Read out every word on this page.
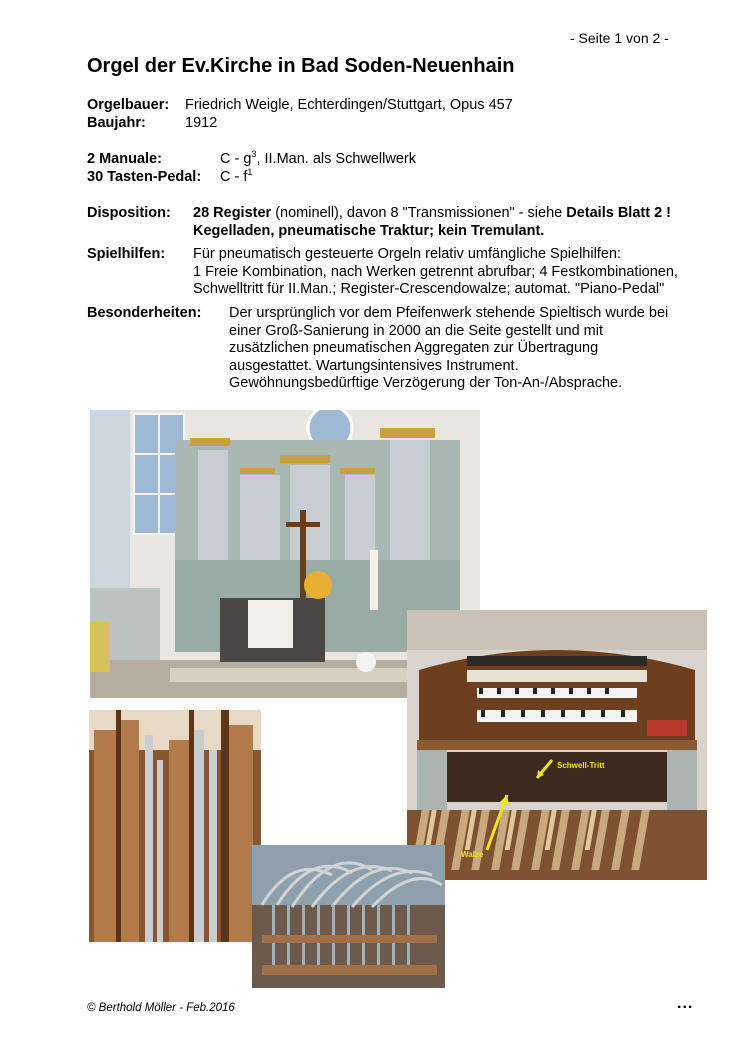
- Seite 1 von 2 -
Orgel der Ev.Kirche in Bad Soden-Neuenhain
Orgelbauer: Friedrich Weigle, Echterdingen/Stuttgart, Opus 457
Baujahr:	1912
2 Manuale:	C - $g^3$, II.Man. als Schwellwerk
30 Tasten-Pedal: C - $f^1$
Disposition: 28 Register (nominell), davon 8 "Transmissionen" - siehe Details Blatt 2 !
Kegelladen, pneumatische Traktur; kein Tremulant.
Spielhilfen: Für pneumatisch gesteuerte Orgeln relativ umfängliche Spielhilfen:
1 Freie Kombination, nach Werken getrennt abrufbar; 4 Festkombinationen,
Schwelltritt für II.Man.; Register-Crescendowalze; automat. "Piano-Pedal"
Besonderheiten: Der ursprünglich vor dem Pfeifenwerk stehende Spieltisch wurde bei
einer Groß-Sanierung in 2000 an die Seite gestellt und mit
zusätzlichen pneumatischen Aggregaten zur Übertragung
ausgestattet. Wartungsintensives Instrument.
Gewöhnungsbedürftige Verzögerung der Ton-An-/Absprache.
Schwell-Tritt
Walze
© Berthold Möller - Feb.2016	...
